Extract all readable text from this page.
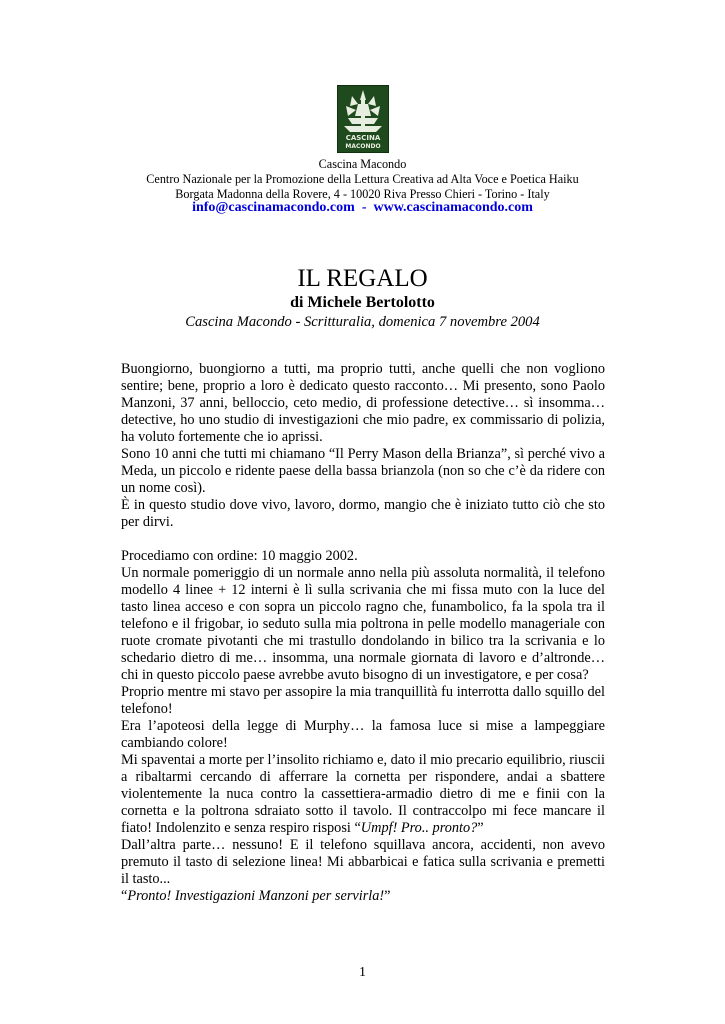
CASCINA
MACONDO
Cascina Macondo
Centro Nazionale per la Promozione della Lettura Creativa ad Alta Voce e Poetica Haiku
Borgata Madonna della Rovere, 4 - 10020 Riva Presso Chieri - Torino - Italy
info@cascinamacondo.com - www.cascinamacondo.com
IL REGALO
di Michele Bertolotto
Cascina Macondo - Scritturalia, domenica 7 novembre 2004

Buongiorno, buongiorno a tutti, ma proprio tutti, anche quelli che non vogliono sentire; bene, proprio a loro è dedicato questo racconto… Mi presento, sono Paolo Manzoni, 37 anni, belloccio, ceto medio, di professione detective… sì insomma… detective, ho uno studio di investigazioni che mio padre, ex commissario di polizia, ha voluto fortemente che io aprissi.

Sono 10 anni che tutti mi chiamano “Il Perry Mason della Brianza”, sì perché vivo a Meda, un piccolo e ridente paese della bassa brianzola (non so che c’è da ridere con un nome così).

È in questo studio dove vivo, lavoro, dormo, mangio che è iniziato tutto ciò che sto per dirvi.

Procediamo con ordine: 10 maggio 2002.

Un normale pomeriggio di un normale anno nella più assoluta normalità, il telefono modello 4 linee + 12 interni è lì sulla scrivania che mi fissa muto con la luce del tasto linea acceso e con sopra un piccolo ragno che, funambolico, fa la spola tra il telefono e il frigobar, io seduto sulla mia poltrona in pelle modello manageriale con ruote cromate pivotanti che mi trastullo dondolando in bilico tra la scrivania e lo schedario dietro di me… insomma, una normale giornata di lavoro e d’altronde… chi in questo piccolo paese avrebbe avuto bisogno di un investigatore, e per cosa?

Proprio mentre mi stavo per assopire la mia tranquillità fu interrotta dallo squillo del telefono!

Era l’apoteosi della legge di Murphy… la famosa luce si mise a lampeggiare cambiando colore!

Mi spaventai a morte per l’insolito richiamo e, dato il mio precario equilibrio, riuscii a ribaltarmi cercando di afferrare la cornetta per rispondere, andai a sbattere violentemente la nuca contro la cassettiera-armadio dietro di me e finii con la cornetta e la poltrona sdraiato sotto il tavolo. Il contraccolpo mi fece mancare il fiato! Indolenzito e senza respiro risposi “Umpf! Pro.. pronto?”

Dall’altra parte… nessuno! E il telefono squillava ancora, accidenti, non avevo premuto il tasto di selezione linea! Mi abbarbicai e fatica sulla scrivania e premetti il tasto...

“Pronto! Investigazioni Manzoni per servirla!”

1
